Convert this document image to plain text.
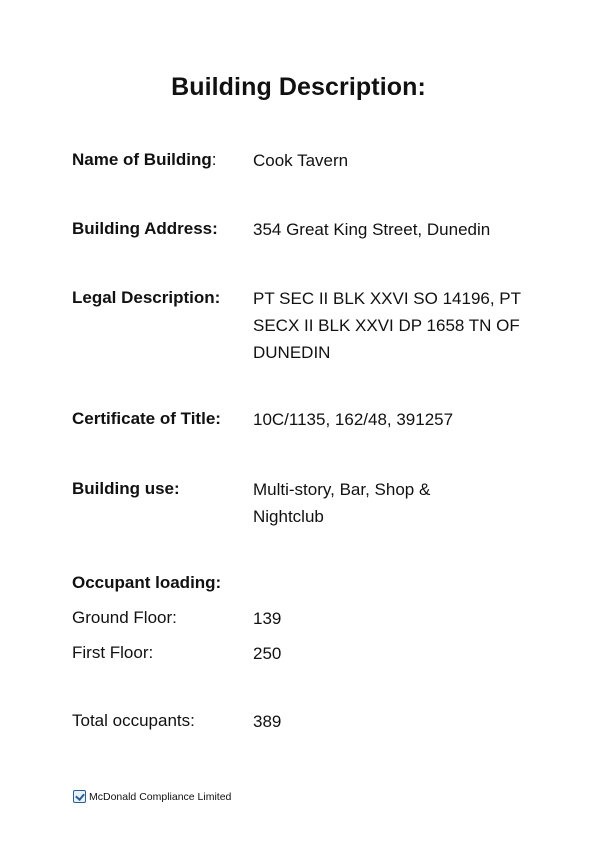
Building Description:
Name of Building: Cook Tavern
Building Address: 354 Great King Street, Dunedin
Legal Description: PT SEC II BLK XXVI SO 14196, PT
SECX II BLK XXVI DP 1658 TN OF
DUNEDIN
Certificate of Title: 10C/1135, 162/48, 391257
Building use:	Multi-story, Bar, Shop &
Nightclub
Occupant loading:
Ground Floor:	139
First Floor:	250
Total occupants:	389
McDonald Compliance Limited
